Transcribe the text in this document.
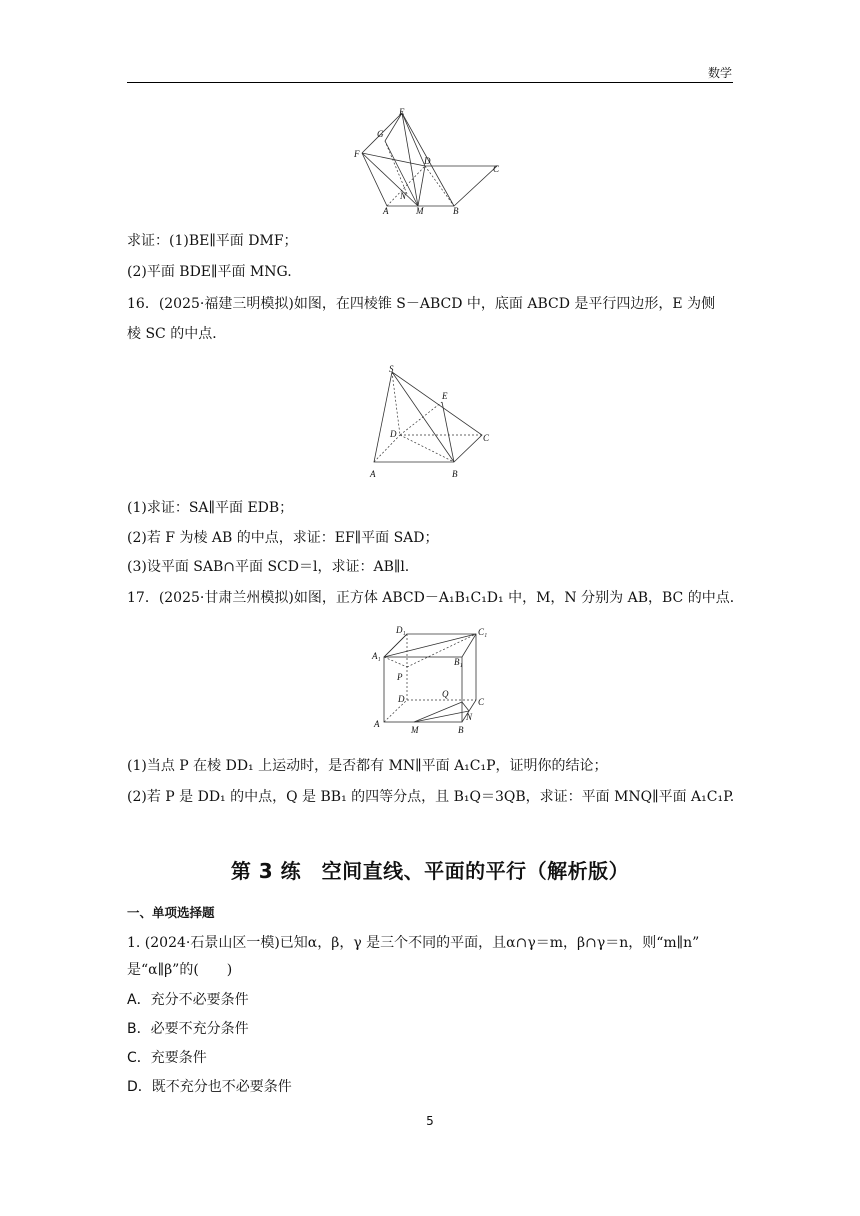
数学
E
G
F
D
C
N
A	M	B
求证：(1)BE∥平面 DMF；
(2)平面 BDE∥平面 MNG.
16．(2025·福建三明模拟)如图，在四棱锥 S－ABCD 中，底面 ABCD 是平行四边形，E 为侧
棱 SC 的中点．
S
E
D	C
A	B
(1)求证：SA∥平面 EDB；
(2)若 F 为棱 AB 的中点，求证：EF∥平面 SAD；
(3)设平面 SAB∩平面 SCD＝l，求证：AB∥l.
17．(2025·甘肃兰州模拟)如图，正方体 ABCD－A₁B₁C₁D₁ 中，M，N 分别为 AB，BC 的中点．
D₁	C₁
A₁
B₁
P
D	Q
C
A
N
M	B
(1)当点 P 在棱 DD₁ 上运动时，是否都有 MN∥平面 A₁C₁P，证明你的结论；
(2)若 P 是 DD₁ 的中点，Q 是 BB₁ 的四等分点，且 B₁Q＝3QB，求证：平面 MNQ∥平面 A₁C₁P.
第 3 练　空间直线、平面的平行（解析版）
一、单项选择题
1. (2024·石景山区一模)已知α，β，γ 是三个不同的平面，且α∩γ＝m，β∩γ＝n，则“m∥n”
是“α∥β”的(　　)
A．充分不必要条件
B．必要不充分条件
C．充要条件
D．既不充分也不必要条件
5
